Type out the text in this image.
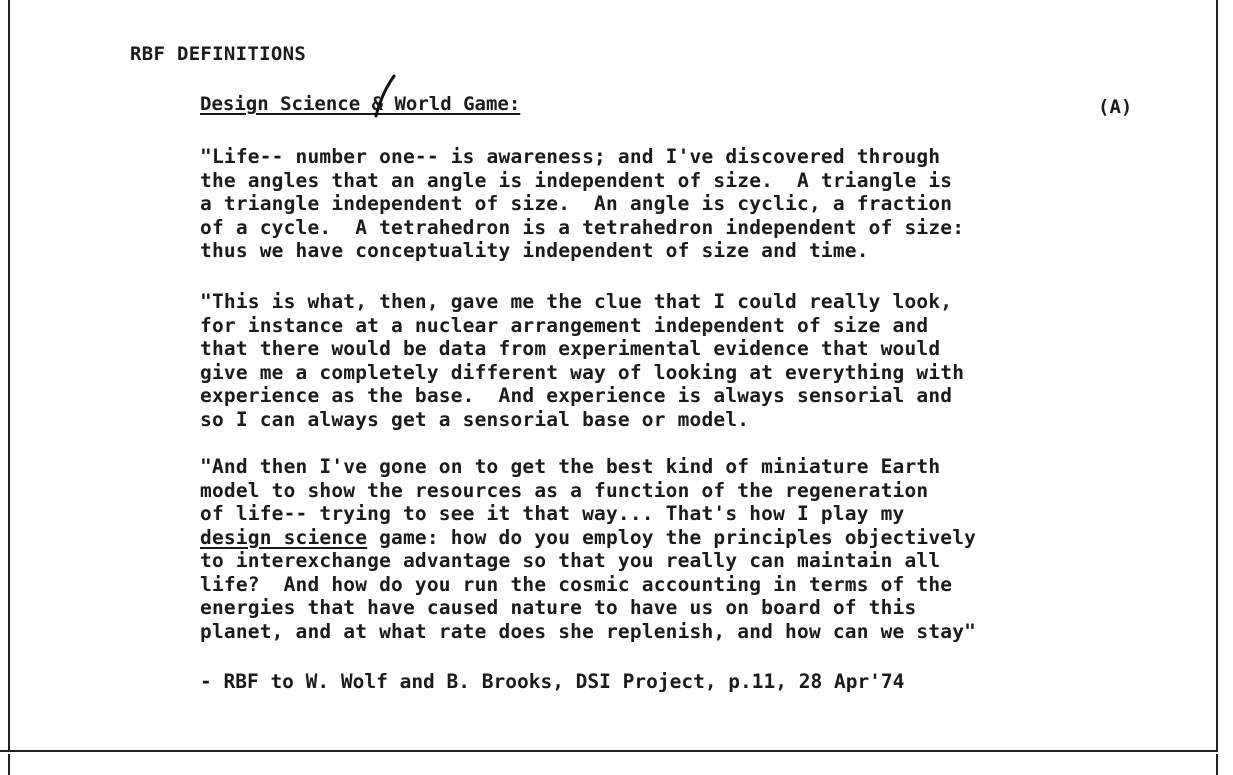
RBF DEFINITIONS
Design Science & World Game:	(A)
"Life-- number one-- is awareness; and I've discovered through
the angles that an angle is independent of size.  A triangle is
a triangle independent of size.  An angle is cyclic, a fraction
of a cycle.  A tetrahedron is a tetrahedron independent of size:
thus we have conceptuality independent of size and time.
"This is what, then, gave me the clue that I could really look,
for instance at a nuclear arrangement independent of size and
that there would be data from experimental evidence that would
give me a completely different way of looking at everything with
experience as the base.  And experience is always sensorial and
so I can always get a sensorial base or model.
"And then I've gone on to get the best kind of miniature Earth
model to show the resources as a function of the regeneration
of life-- trying to see it that way... That's how I play my
design science game: how do you employ the principles objectively
to interexchange advantage so that you really can maintain all
life?  And how do you run the cosmic accounting in terms of the
energies that have caused nature to have us on board of this
planet, and at what rate does she replenish, and how can we stay"
- RBF to W. Wolf and B. Brooks, DSI Project, p.11, 28 Apr'74
